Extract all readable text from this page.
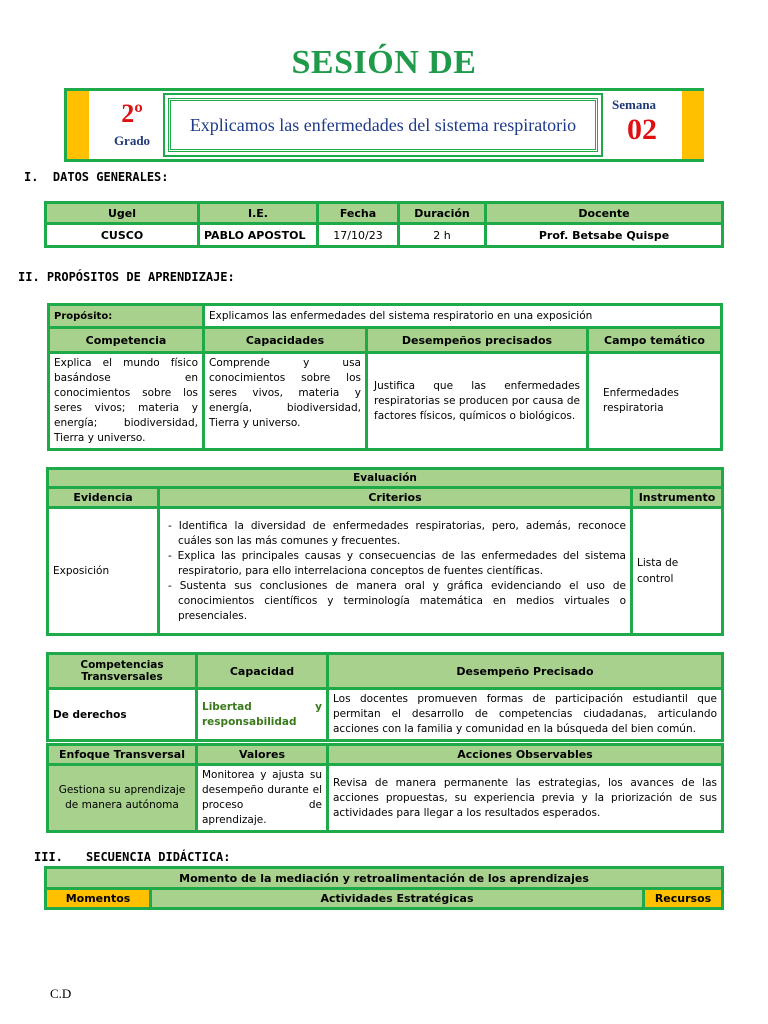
SESIÓN DE
2º
Grado
Explicamos las enfermedades del sistema respiratorio
Semana
02
I.  DATOS GENERALES:
Ugel	I.E.	Fecha	Duración	Docente
CUSCO	PABLO APOSTOL	17/10/23	2 h	Prof. Betsabe Quispe
II. PROPÓSITOS DE APRENDIZAJE:
Propósito:	Explicamos las enfermedades del sistema respiratorio en una exposición		
Competencia	Capacidades	Desempeños precisados	Campo temático
Explica el mundo físico basándose en conocimientos sobre los seres vivos; materia y energía; biodiversidad, Tierra y universo.	Comprende y usa conocimientos sobre los seres vivos, materia y energía, biodiversidad, Tierra y universo.	Justifica que las enfermedades respiratorias se producen por causa de factores físicos, químicos o biológicos.	Enfermedades respiratoria
Evaluación		
Evidencia	Criterios	Instrumento
Exposición	- Identifica la diversidad de enfermedades respiratorias, pero, además, reconoce cuáles son las más comunes y frecuentes.
- Explica las principales causas y consecuencias de las enfermedades del sistema respiratorio, para ello interrelaciona conceptos de fuentes científicas.
- Sustenta sus conclusiones de manera oral y gráfica evidenciando el uso de conocimientos científicos y terminología matemática en medios virtuales o presenciales.	Lista de control
Competencias Transversales	Capacidad	Desempeño Precisado
De derechos	Libertad y responsabilidad	Los docentes promueven formas de participación estudiantil que permitan el desarrollo de competencias ciudadanas, articulando acciones con la familia y comunidad en la búsqueda del bien común.
Enfoque Transversal	Valores	Acciones Observables
Gestiona su aprendizaje de manera autónoma	Monitorea y ajusta su desempeño durante el proceso de aprendizaje.	Revisa de manera permanente las estrategias, los avances de las acciones propuestas, su experiencia previa y la priorización de sus actividades para llegar a los resultados esperados.
III. SECUENCIA DIDÁCTICA:
Momento de la mediación y retroalimentación de los aprendizajes
Momentos	Actividades Estratégicas	Recursos
C.D
